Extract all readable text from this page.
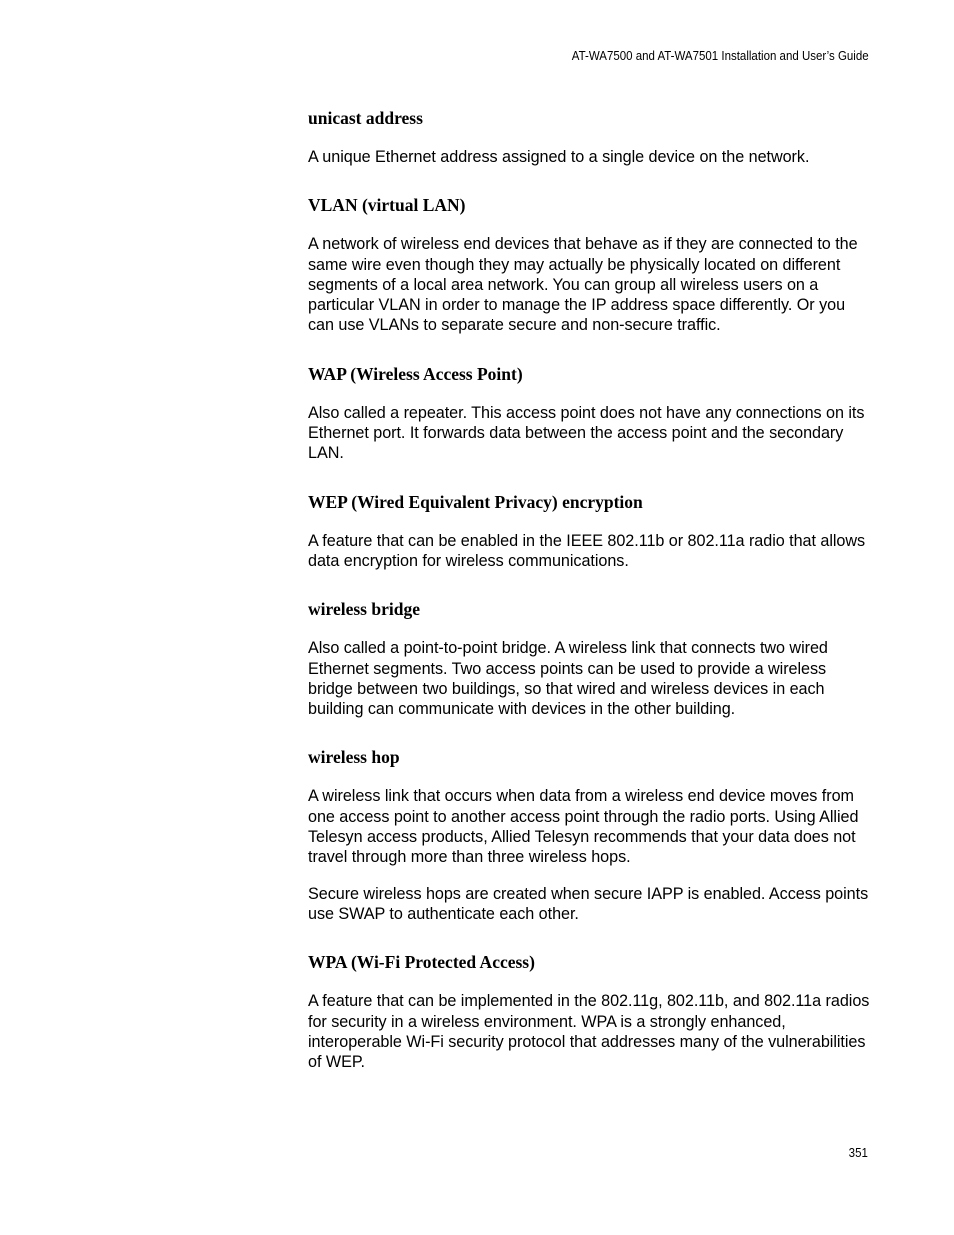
AT-WA7500 and AT-WA7501 Installation and User’s Guide

unicast address

A unique Ethernet address assigned to a single device on the network.

VLAN (virtual LAN)

A network of wireless end devices that behave as if they are connected to the same wire even though they may actually be physically located on different segments of a local area network. You can group all wireless users on a particular VLAN in order to manage the IP address space differently. Or you can use VLANs to separate secure and non-secure traffic.

WAP (Wireless Access Point)

Also called a repeater. This access point does not have any connections on its Ethernet port. It forwards data between the access point and the secondary LAN.

WEP (Wired Equivalent Privacy) encryption

A feature that can be enabled in the IEEE 802.11b or 802.11a radio that allows data encryption for wireless communications.

wireless bridge

Also called a point-to-point bridge. A wireless link that connects two wired Ethernet segments. Two access points can be used to provide a wireless bridge between two buildings, so that wired and wireless devices in each building can communicate with devices in the other building.

wireless hop

A wireless link that occurs when data from a wireless end device moves from one access point to another access point through the radio ports. Using Allied Telesyn access products, Allied Telesyn recommends that your data does not travel through more than three wireless hops.

Secure wireless hops are created when secure IAPP is enabled. Access points use SWAP to authenticate each other.

WPA (Wi-Fi Protected Access)

A feature that can be implemented in the 802.11g, 802.11b, and 802.11a radios for security in a wireless environment. WPA is a strongly enhanced, interoperable Wi-Fi security protocol that addresses many of the vulnerabilities of WEP.

351
